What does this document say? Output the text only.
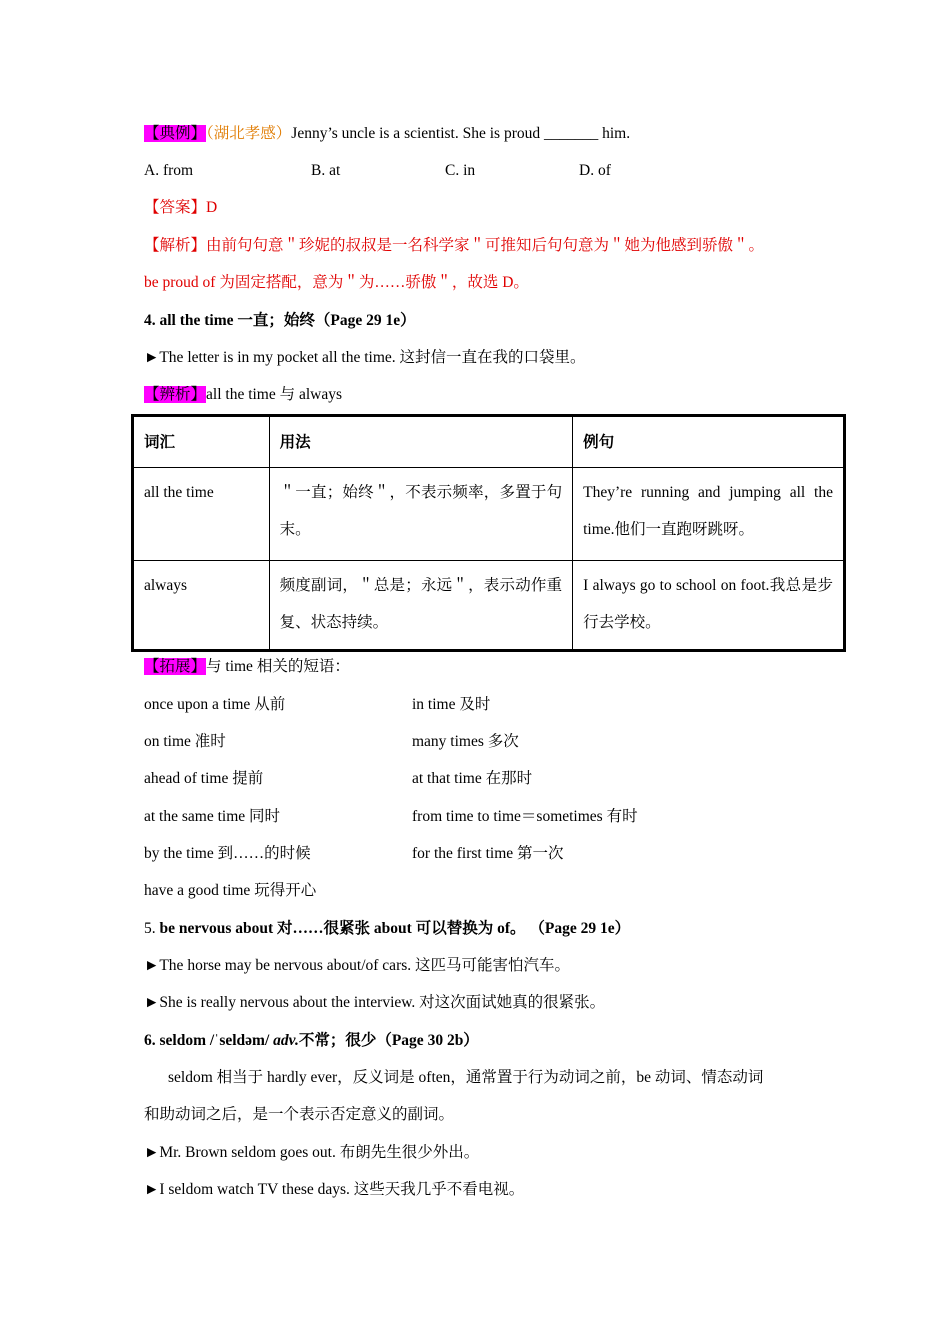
【典例】（湖北孝感）Jenny’s uncle is a scientist. She is proud _______ him.
A. from	B. at	C. in	D. of
【答案】D
【解析】由前句句意＂珍妮的叔叔是一名科学家＂可推知后句句意为＂她为他感到骄傲＂。
be proud of 为固定搭配，意为＂为……骄傲＂，故选 D。
4. all the time 一直；始终（Page 29 1e）
►The letter is in my pocket all the time. 这封信一直在我的口袋里。
【辨析】all the time 与 always
词汇	用法	例句
all the time	＂一直；始终＂，不表示频率，多置于句末。	They’re running and jumping all the time.他们一直跑呀跳呀。
always	频度副词，＂总是；永远＂，表示动作重复、状态持续。	I always go to school on foot.我总是步行去学校。
【拓展】与 time 相关的短语：
once upon a time 从前	in time 及时
on time 准时	many times 多次
ahead of time 提前	at that time 在那时
at the same time 同时	from time to time＝sometimes 有时
by the time 到……的时候	for the first time 第一次
have a good time 玩得开心
5. be nervous about 对……很紧张 about 可以替换为 of。 （Page 29 1e）
►The horse may be nervous about/of cars. 这匹马可能害怕汽车。
►She is really nervous about the interview. 对这次面试她真的很紧张。
6. seldom /ˈseldəm/ adv.不常；很少（Page 30 2b）
seldom 相当于 hardly ever，反义词是 often，通常置于行为动词之前，be 动词、情态动词
和助动词之后，是一个表示否定意义的副词。
►Mr. Brown seldom goes out. 布朗先生很少外出。
►I seldom watch TV these days. 这些天我几乎不看电视。
